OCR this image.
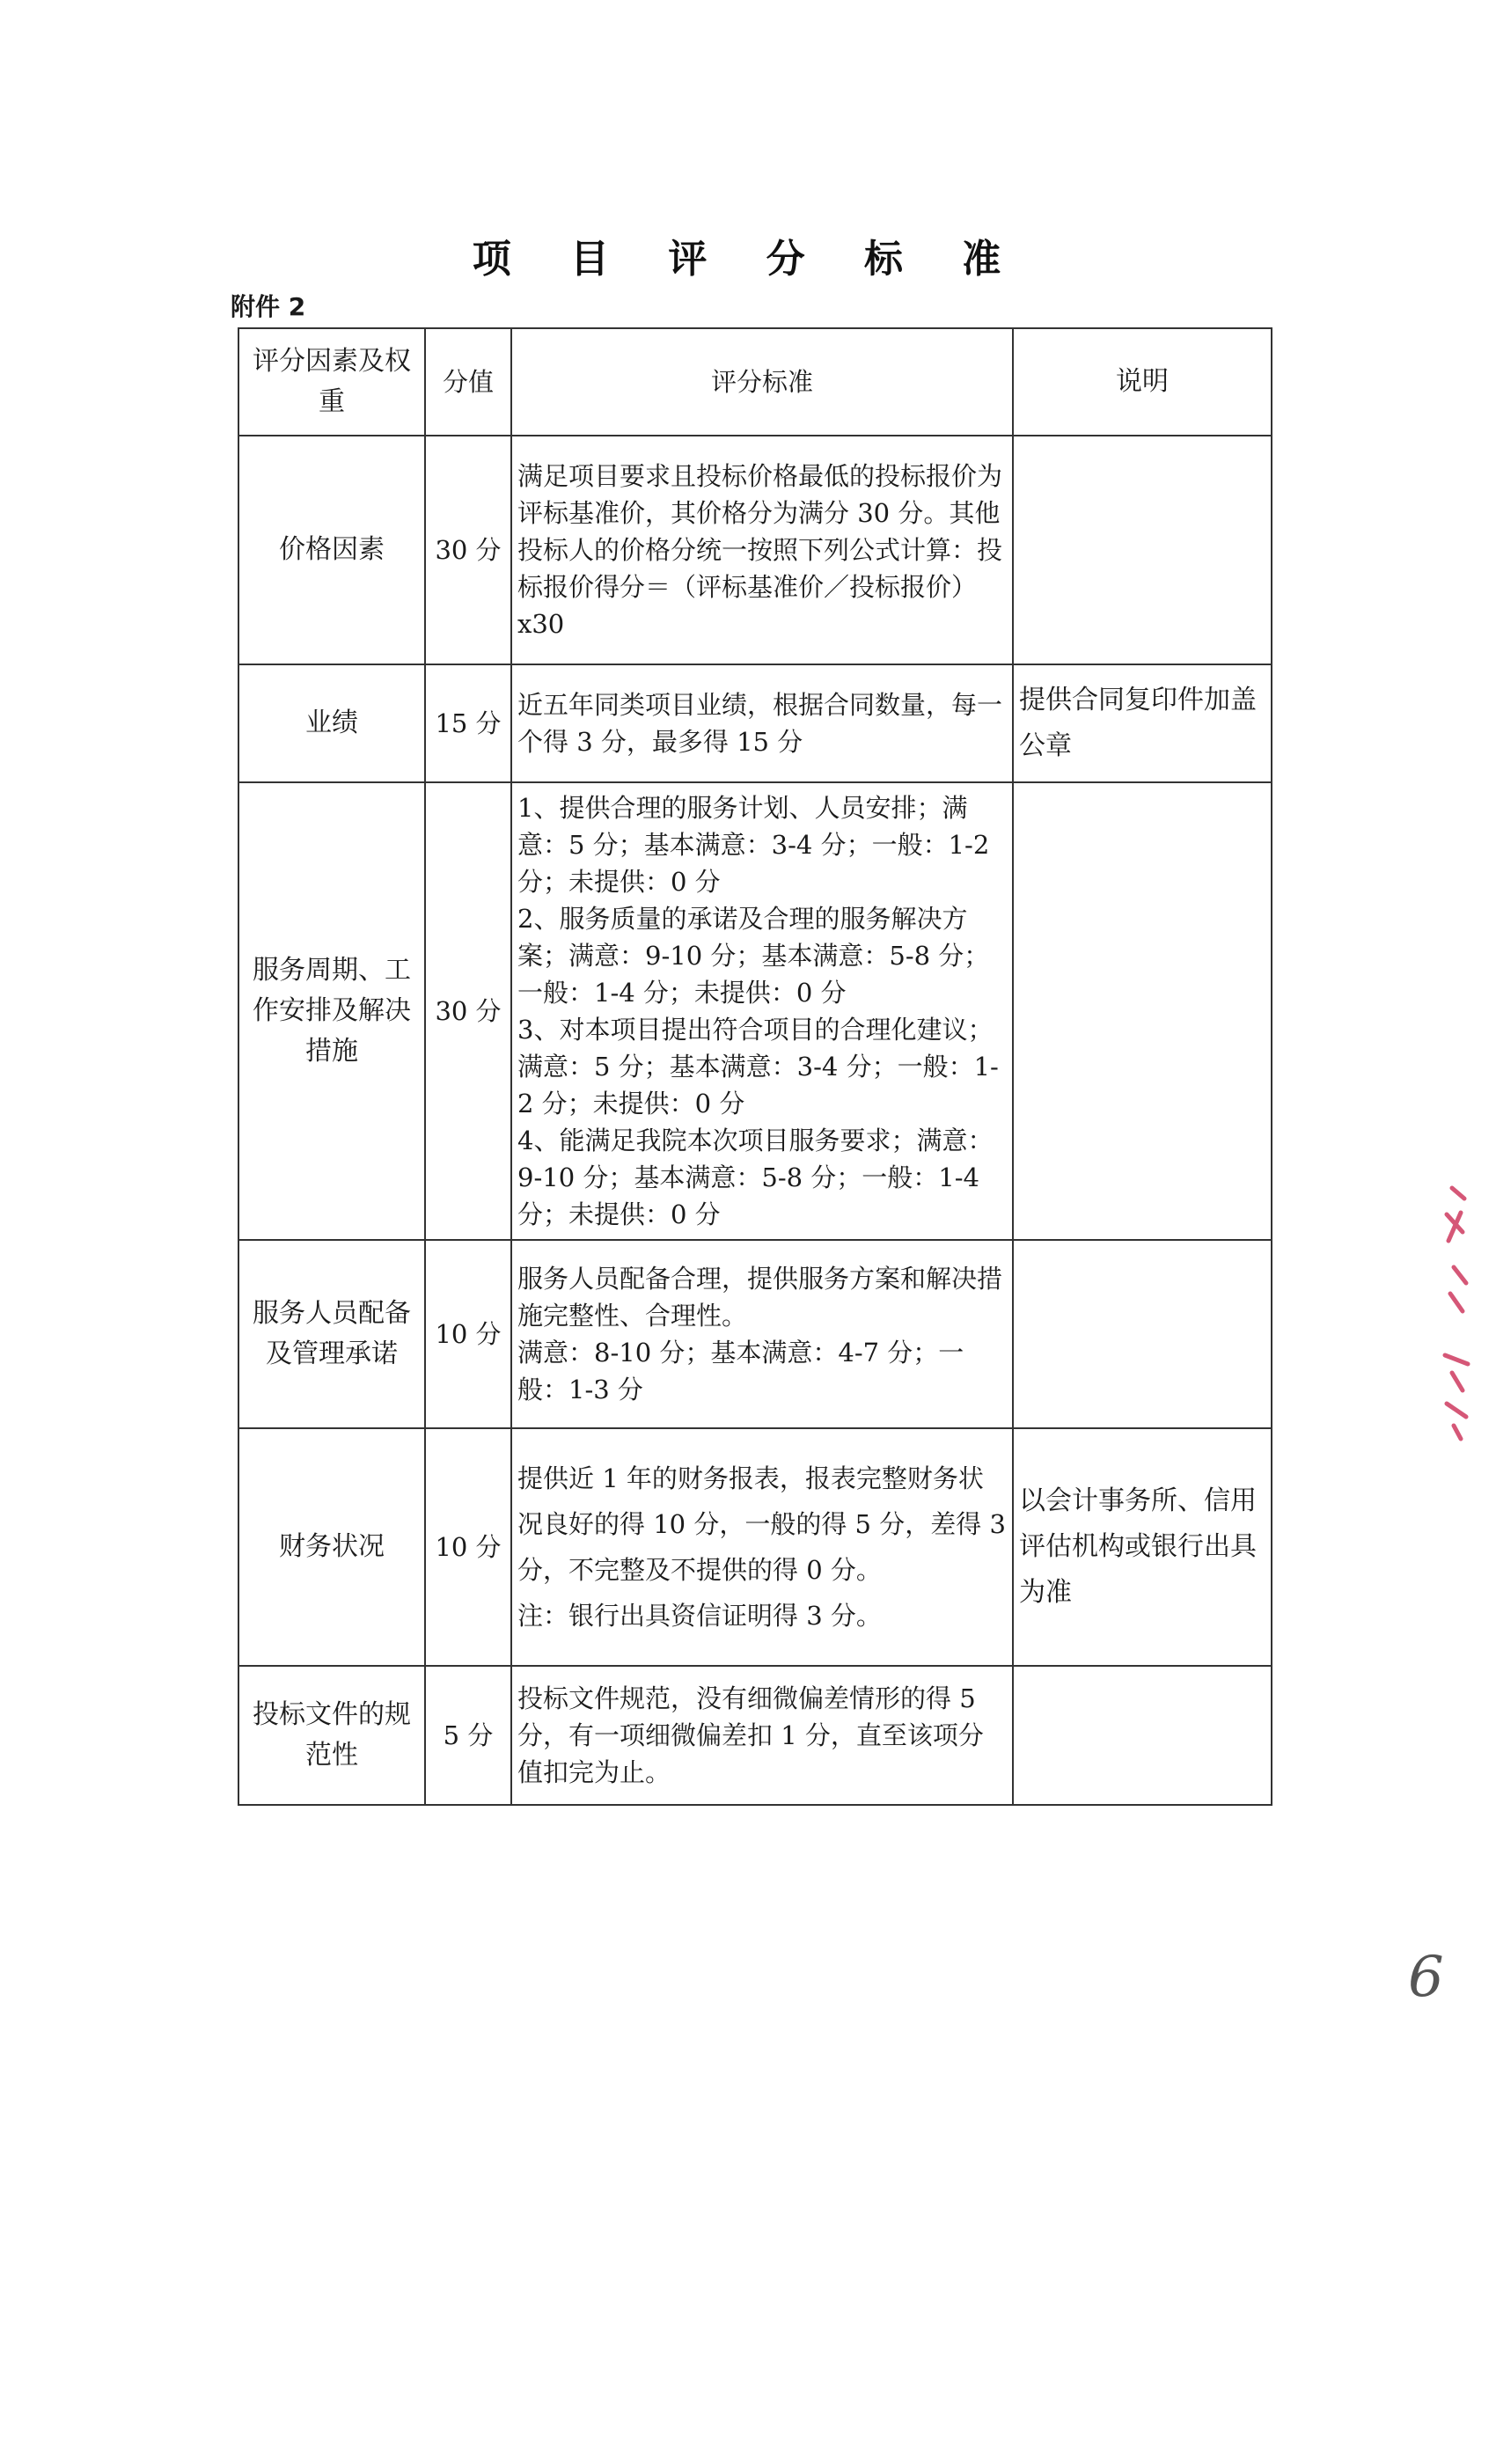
项 目 评 分 标 准
附件 2
评分因素及权重	分值	评分标准	说明
价格因素	30 分	满足项目要求且投标价格最低的投标报价为评标基准价，其价格分为满分 30 分。其他投标人的价格分统一按照下列公式计算：投标报价得分＝（评标基准价／投标报价）x30	

业绩	15 分	近五年同类项目业绩，根据合同数量，每一个得 3 分，最多得 15 分	提供合同复印件加盖公章
服务周期、工作安排及解决措施	30 分	1、提供合理的服务计划、人员安排；满意：5 分；基本满意：3-4 分；一般：1-2 分；未提供：0 分
2、服务质量的承诺及合理的服务解决方案；满意：9-10 分；基本满意：5-8 分；一般：1-4 分；未提供：0 分
3、对本项目提出符合项目的合理化建议；满意：5 分；基本满意：3-4 分；一般：1-2 分；未提供：0 分
4、能满足我院本次项目服务要求；满意：9-10 分；基本满意：5-8 分；一般：1-4 分；未提供：0 分	

服务人员配备及管理承诺	10 分	服务人员配备合理，提供服务方案和解决措施完整性、合理性。
满意：8-10 分；基本满意：4-7 分；一般：1-3 分	

财务状况	10 分	提供近 1 年的财务报表，报表完整财务状况良好的得 10 分，一般的得 5 分，差得 3 分，不完整及不提供的得 0 分。
注：银行出具资信证明得 3 分。	以会计事务所、信用评估机构或银行出具为准
投标文件的规范性	5 分	投标文件规范，没有细微偏差情形的得 5 分，有一项细微偏差扣 1 分，直至该项分值扣完为止。	

6
